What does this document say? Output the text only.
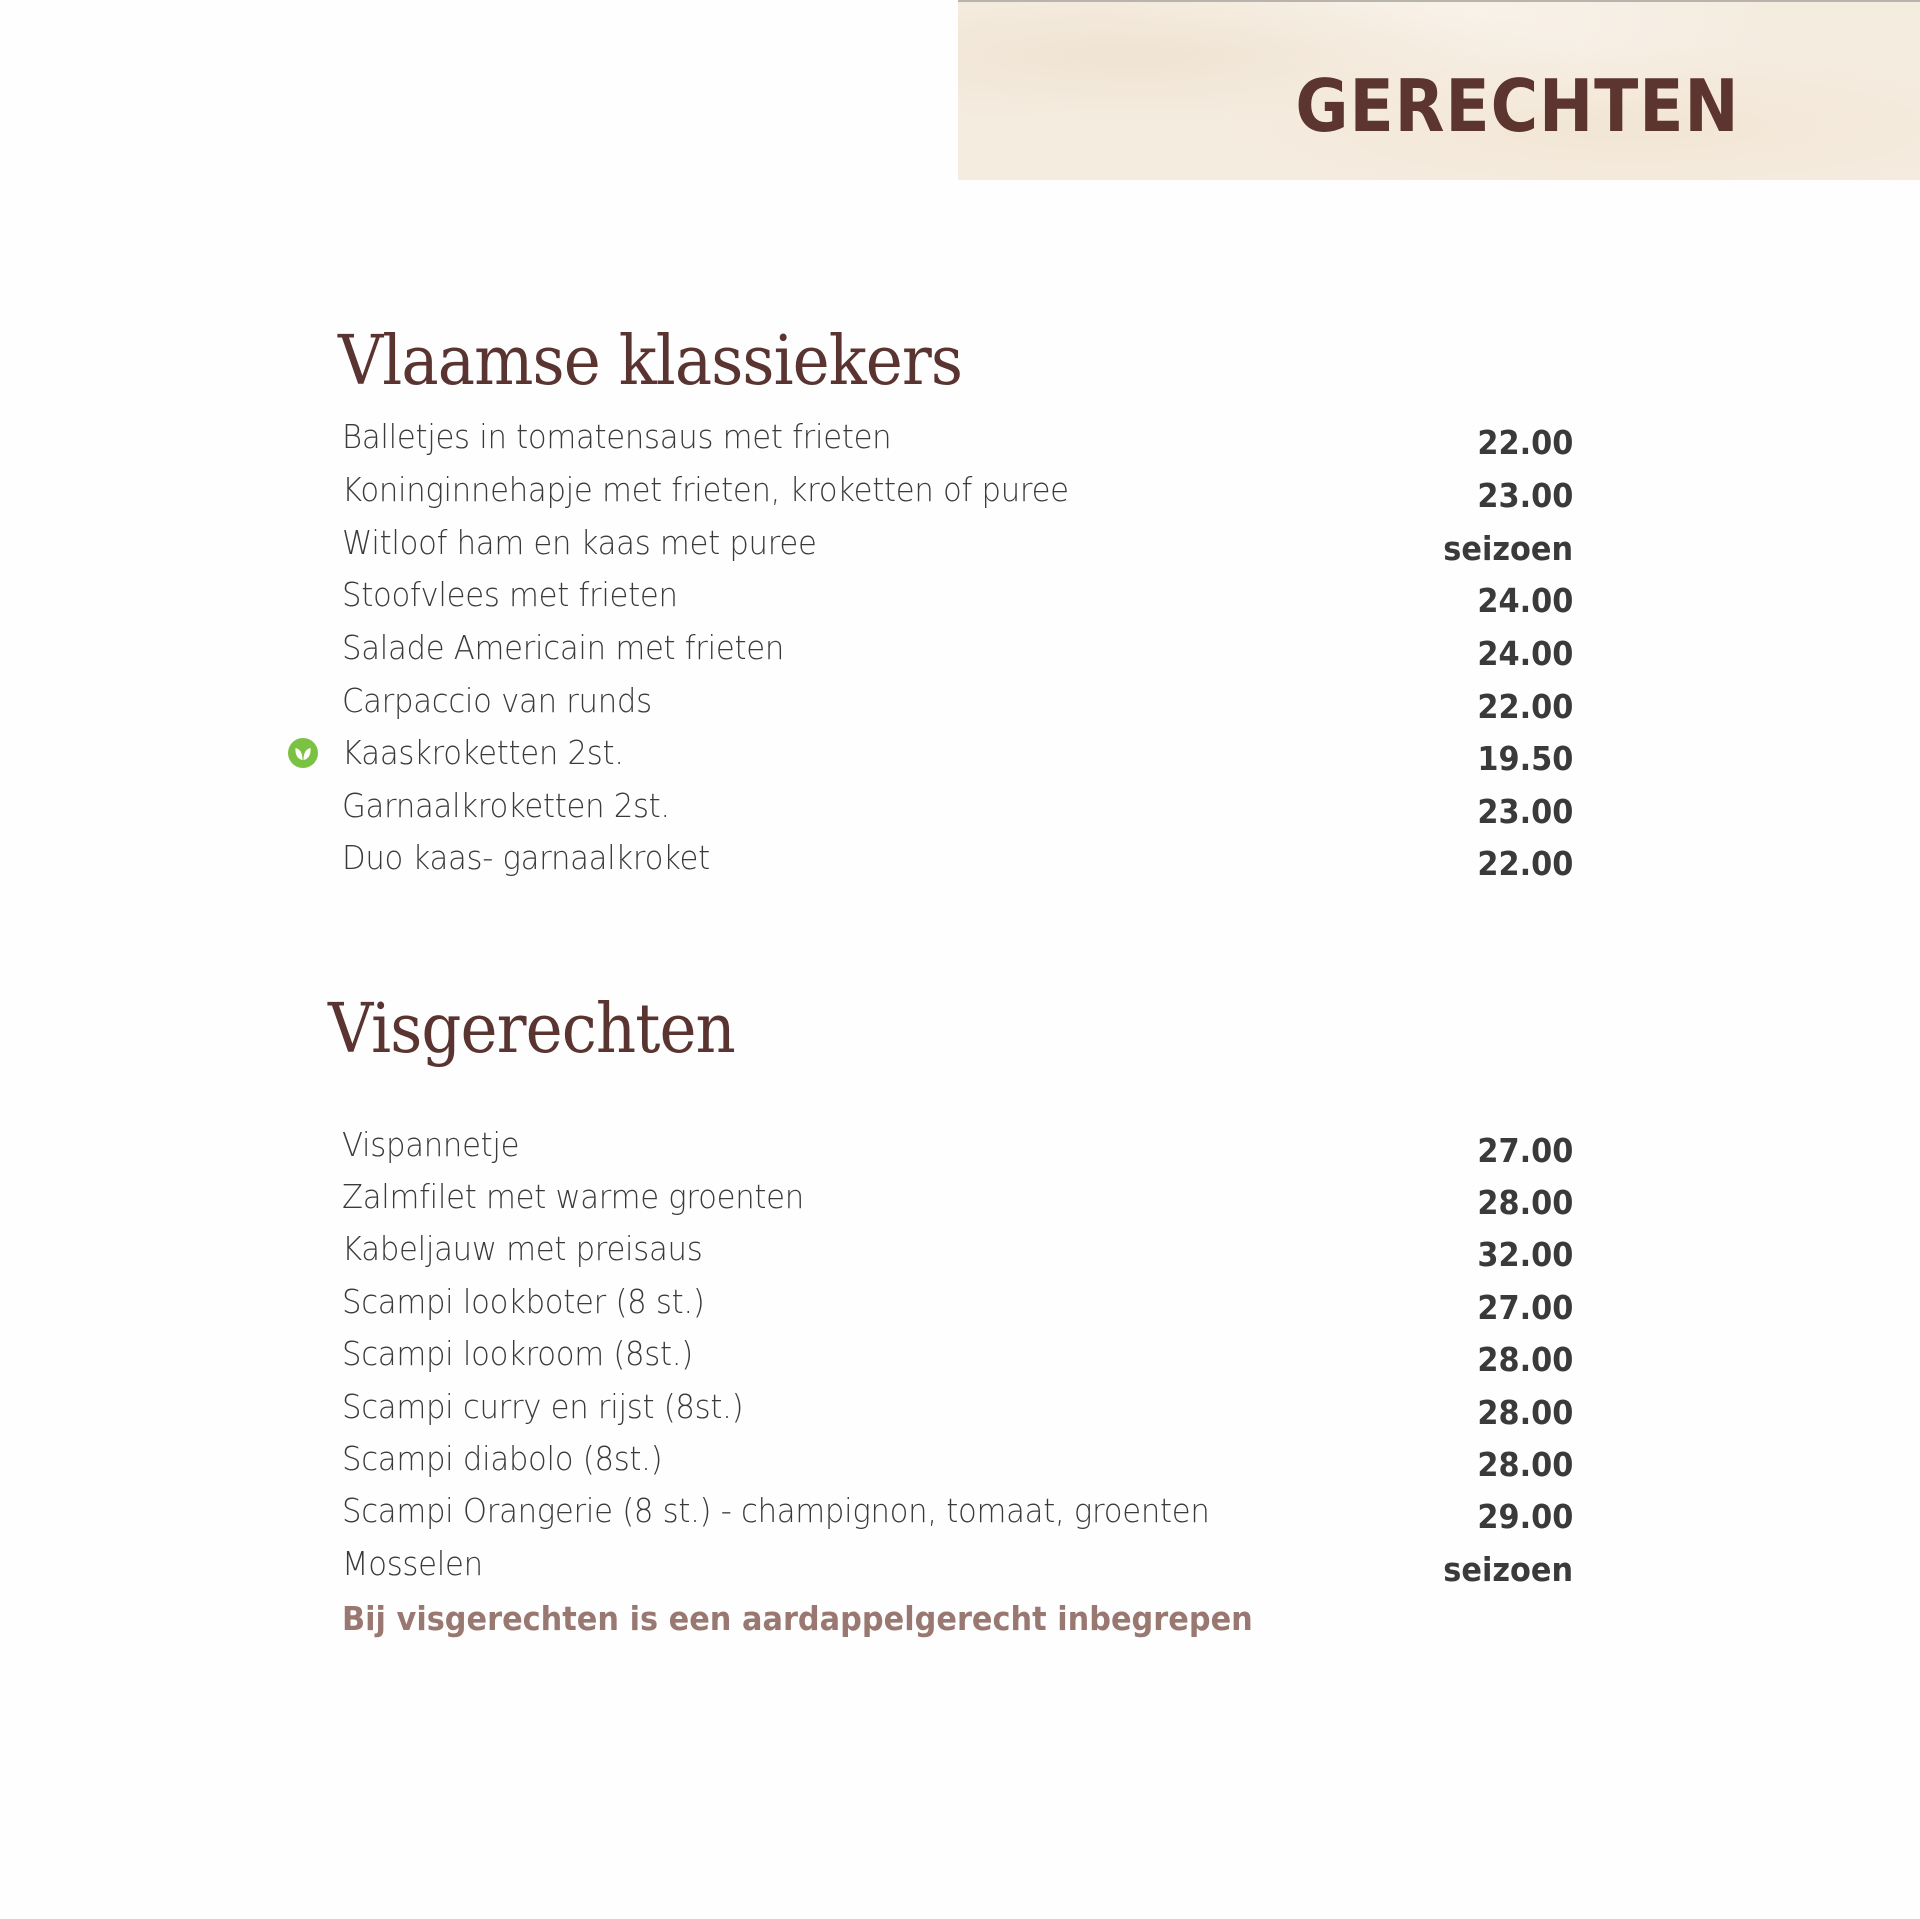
GERECHTEN
Vlaamse klassiekers
Balletjes in tomatensaus met frieten	22.00
Koninginnehapje met frieten, kroketten of puree	23.00
Witloof ham en kaas met puree	seizoen
Stoofvlees met frieten	24.00
Salade Americain met frieten	24.00
Carpaccio van runds	22.00
Kaaskroketten 2st.	19.50
Garnaalkroketten 2st.	23.00
Duo kaas- garnaalkroket	22.00
Visgerechten
Vispannetje	27.00
Zalmfilet met warme groenten	28.00
Kabeljauw met preisaus	32.00
Scampi lookboter (8 st.)	27.00
Scampi lookroom (8st.)	28.00
Scampi curry en rijst (8st.)	28.00
Scampi diabolo (8st.)	28.00
Scampi Orangerie (8 st.) - champignon, tomaat, groenten	29.00
Mosselen	seizoen
Bij visgerechten is een aardappelgerecht inbegrepen
